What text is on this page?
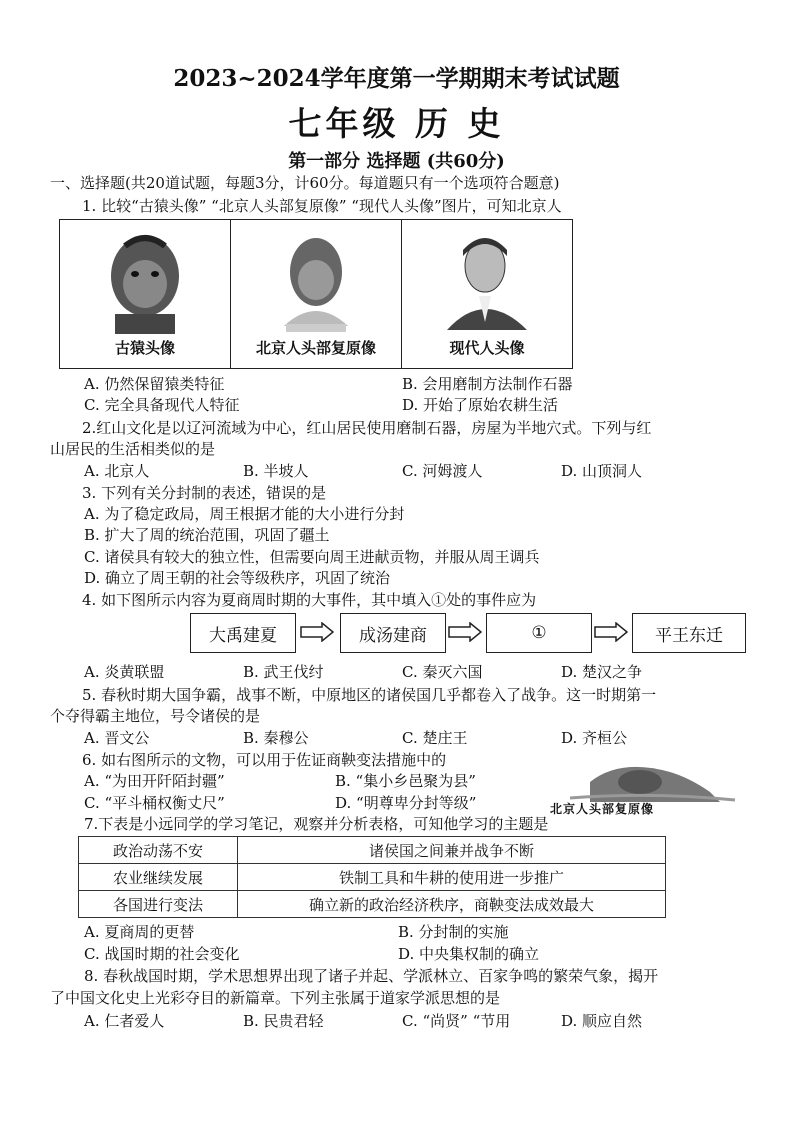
2023~2024学年度第一学期期末考试试题
七年级 历 史
第一部分 选择题 (共60分)
一、选择题(共20道试题，每题3分，计60分。每道题只有一个选项符合题意)
1. 比较“古猿头像” “北京人头部复原像” “现代人头像”图片，可知北京人
古猿头像	北京人头部复原像	现代人头像
A. 仍然保留猿类特征	B. 会用磨制方法制作石器
C. 完全具备现代人特征	D. 开始了原始农耕生活
2.红山文化是以辽河流域为中心，红山居民使用磨制石器，房屋为半地穴式。下列与红
山居民的生活相类似的是
A. 北京人	B. 半坡人	C. 河姆渡人	D. 山顶洞人
3. 下列有关分封制的表述，错误的是
A. 为了稳定政局，周王根据才能的大小进行分封
B. 扩大了周的统治范围，巩固了疆土
C. 诸侯具有较大的独立性，但需要向周王进献贡物，并服从周王调兵
D. 确立了周王朝的社会等级秩序，巩固了统治
4. 如下图所示内容为夏商周时期的大事件，其中填入①处的事件应为
大禹建夏	成汤建商	①	平王东迁
A. 炎黄联盟	B. 武王伐纣	C. 秦灭六国	D. 楚汉之争
5. 春秋时期大国争霸，战事不断，中原地区的诸侯国几乎都卷入了战争。这一时期第一
个夺得霸主地位，号令诸侯的是
A. 晋文公	B. 秦穆公	C. 楚庄王	D. 齐桓公
6. 如右图所示的文物，可以用于佐证商鞅变法措施中的
A. “为田开阡陌封疆”	B. “集小乡邑聚为县”
C. “平斗桶权衡丈尺”	D. “明尊卑分封等级”	北京人头部复原像
7.下表是小远同学的学习笔记，观察并分析表格，可知他学习的主题是
政治动荡不安	诸侯国之间兼并战争不断
农业继续发展	铁制工具和牛耕的使用进一步推广
各国进行变法	确立新的政治经济秩序，商鞅变法成效最大
A. 夏商周的更替	B. 分封制的实施
C. 战国时期的社会变化	D. 中央集权制的确立
8. 春秋战国时期，学术思想界出现了诸子并起、学派林立、百家争鸣的繁荣气象，揭开
了中国文化史上光彩夺目的新篇章。下列主张属于道家学派思想的是
A. 仁者爱人	B. 民贵君轻	C. “尚贤” “节用	D. 顺应自然
